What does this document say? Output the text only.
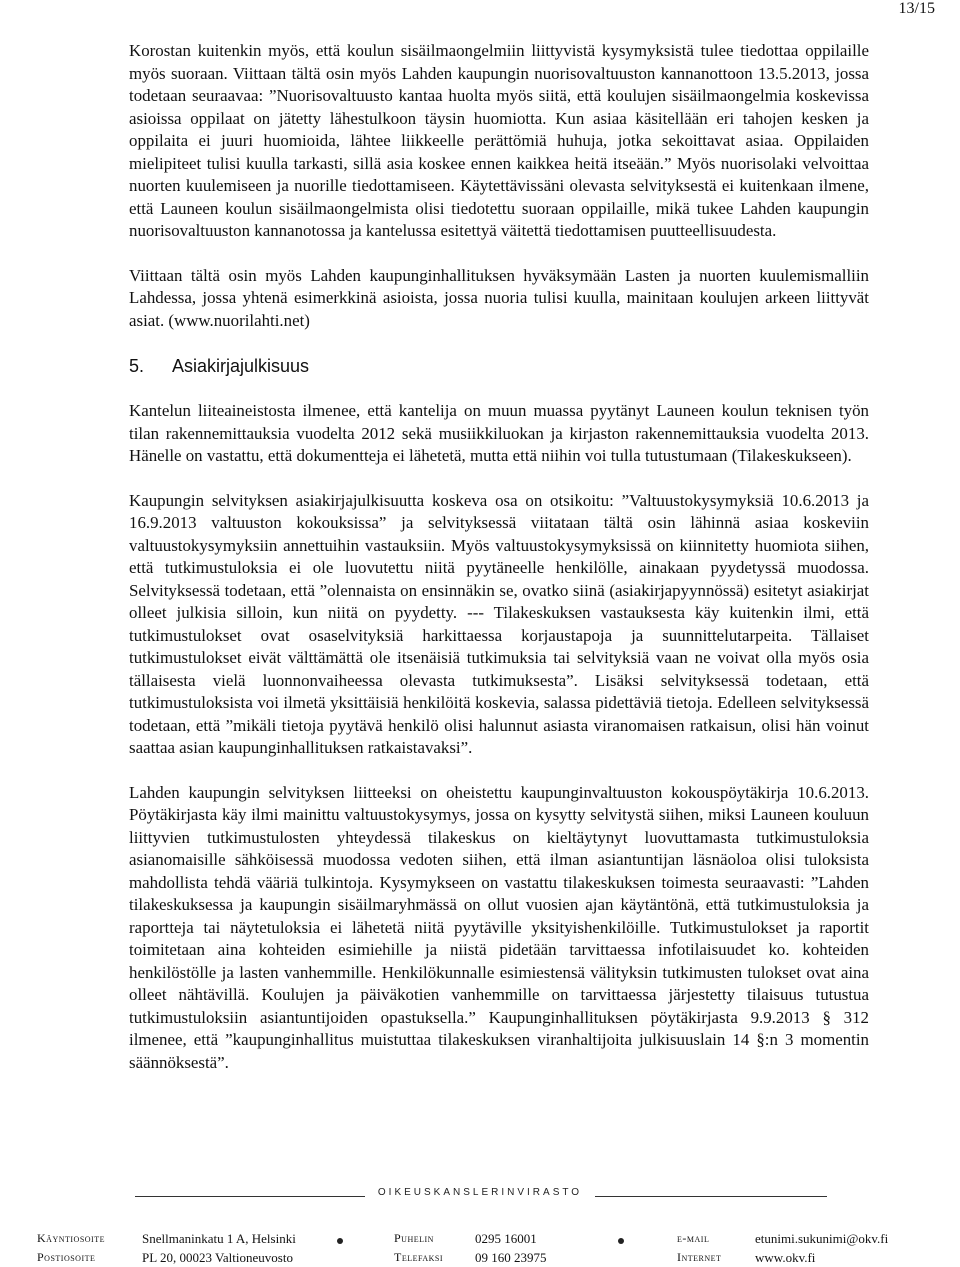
13/15

Korostan kuitenkin myös, että koulun sisäilmaongelmiin liittyvistä kysymyksistä tulee tiedottaa oppilaille myös suoraan. Viittaan tältä osin myös Lahden kaupungin nuorisovaltuuston kannanottoon 13.5.2013, jossa todetaan seuraavaa: ”Nuorisovaltuusto kantaa huolta myös siitä, että koulujen sisäilmaongelmia koskevissa asioissa oppilaat on jätetty lähestulkoon täysin huomiotta. Kun asiaa käsitellään eri tahojen kesken ja oppilaita ei juuri huomioida, lähtee liikkeelle perättömiä huhuja, jotka sekoittavat asiaa. Oppilaiden mielipiteet tulisi kuulla tarkasti, sillä asia koskee ennen kaikkea heitä itseään.” Myös nuorisolaki velvoittaa nuorten kuulemiseen ja nuorille tiedottamiseen. Käytettävissäni olevasta selvityksestä ei kuitenkaan ilmene, että Launeen koulun sisäilmaongelmista olisi tiedotettu suoraan oppilaille, mikä tukee Lahden kaupungin nuorisovaltuuston kannanotossa ja kantelussa esitettyä väitettä tiedottamisen puutteellisuudesta.

Viittaan tältä osin myös Lahden kaupunginhallituksen hyväksymään Lasten ja nuorten kuulemismalliin Lahdessa, jossa yhtenä esimerkkinä asioista, jossa nuoria tulisi kuulla, mainitaan koulujen arkeen liittyvät asiat. (www.nuorilahti.net)

5.	Asiakirjajulkisuus

Kantelun liiteaineistosta ilmenee, että kantelija on muun muassa pyytänyt Launeen koulun teknisen työn tilan rakennemittauksia vuodelta 2012 sekä musiikkiluokan ja kirjaston rakennemittauksia vuodelta 2013. Hänelle on vastattu, että dokumentteja ei lähetetä, mutta että niihin voi tulla tutustumaan (Tilakeskukseen).

Kaupungin selvityksen asiakirjajulkisuutta koskeva osa on otsikoitu: ”Valtuustokysymyksiä 10.6.2013 ja 16.9.2013 valtuuston kokouksissa” ja selvityksessä viitataan tältä osin lähinnä asiaa koskeviin valtuustokysymyksiin annettuihin vastauksiin. Myös valtuustokysymyksissä on kiinnitetty huomiota siihen, että tutkimustuloksia ei ole luovutettu niitä pyytäneelle henkilölle, ainakaan pyydetyssä muodossa. Selvityksessä todetaan, että ”olennaista on ensinnäkin se, ovatko siinä (asiakirjapyynnössä) esitetyt asiakirjat olleet julkisia silloin, kun niitä on pyydetty. --- Tilakeskuksen vastauksesta käy kuitenkin ilmi, että tutkimustulokset ovat osaselvityksiä harkittaessa korjaustapoja ja suunnittelutarpeita. Tällaiset tutkimustulokset eivät välttämättä ole itsenäisiä tutkimuksia tai selvityksiä vaan ne voivat olla myös osia tällaisesta vielä luonnonvaiheessa olevasta tutkimuksesta”. Lisäksi selvityksessä todetaan, että tutkimustuloksista voi ilmetä yksittäisiä henkilöitä koskevia, salassa pidettäviä tietoja. Edelleen selvityksessä todetaan, että ”mikäli tietoja pyytävä henkilö olisi halunnut asiasta viranomaisen ratkaisun, olisi hän voinut saattaa asian kaupunginhallituksen ratkaistavaksi”.

Lahden kaupungin selvityksen liitteeksi on oheistettu kaupunginvaltuuston kokouspöytäkirja 10.6.2013. Pöytäkirjasta käy ilmi mainittu valtuustokysymys, jossa on kysytty selvitystä siihen, miksi Launeen kouluun liittyvien tutkimustulosten yhteydessä tilakeskus on kieltäytynyt luovuttamasta tutkimustuloksia asianomaisille sähköisessä muodossa vedoten siihen, että ilman asiantuntijan läsnäoloa olisi tuloksista mahdollista tehdä vääriä tulkintoja. Kysymykseen on vastattu tilakeskuksen toimesta seuraavasti: ”Lahden tilakeskuksessa ja kaupungin sisäilmaryhmässä on ollut vuosien ajan käytäntönä, että tutkimustuloksia ja raportteja tai näytetuloksia ei lähetetä niitä pyytäville yksityishenkilöille. Tutkimustulokset ja raportit toimitetaan aina kohteiden esimiehille ja niistä pidetään tarvittaessa infotilaisuudet ko. kohteiden henkilöstölle ja lasten vanhemmille. Henkilökunnalle esimiestensä välityksin tutkimusten tulokset ovat aina olleet nähtävillä. Koulujen ja päiväkotien vanhemmille on tarvittaessa järjestetty tilaisuus tutustua tutkimustuloksiin asiantuntijoiden opastuksella.” Kaupunginhallituksen pöytäkirjasta 9.9.2013 § 312 ilmenee, että ”kaupunginhallitus muistuttaa tilakeskuksen viranhaltijoita julkisuuslain 14 §:n 3 momentin säännöksestä”.

OIKEUSKANSLERINVIRASTO
Käyntiosoite	Snellmaninkatu 1 A, Helsinki	Puhelin	0295 16001	e-mail	etunimi.sukunimi@okv.fi
Postiosoite	PL 20, 00023 Valtioneuvosto	Telefaksi 09 160 23975	Internet	www.okv.fi
